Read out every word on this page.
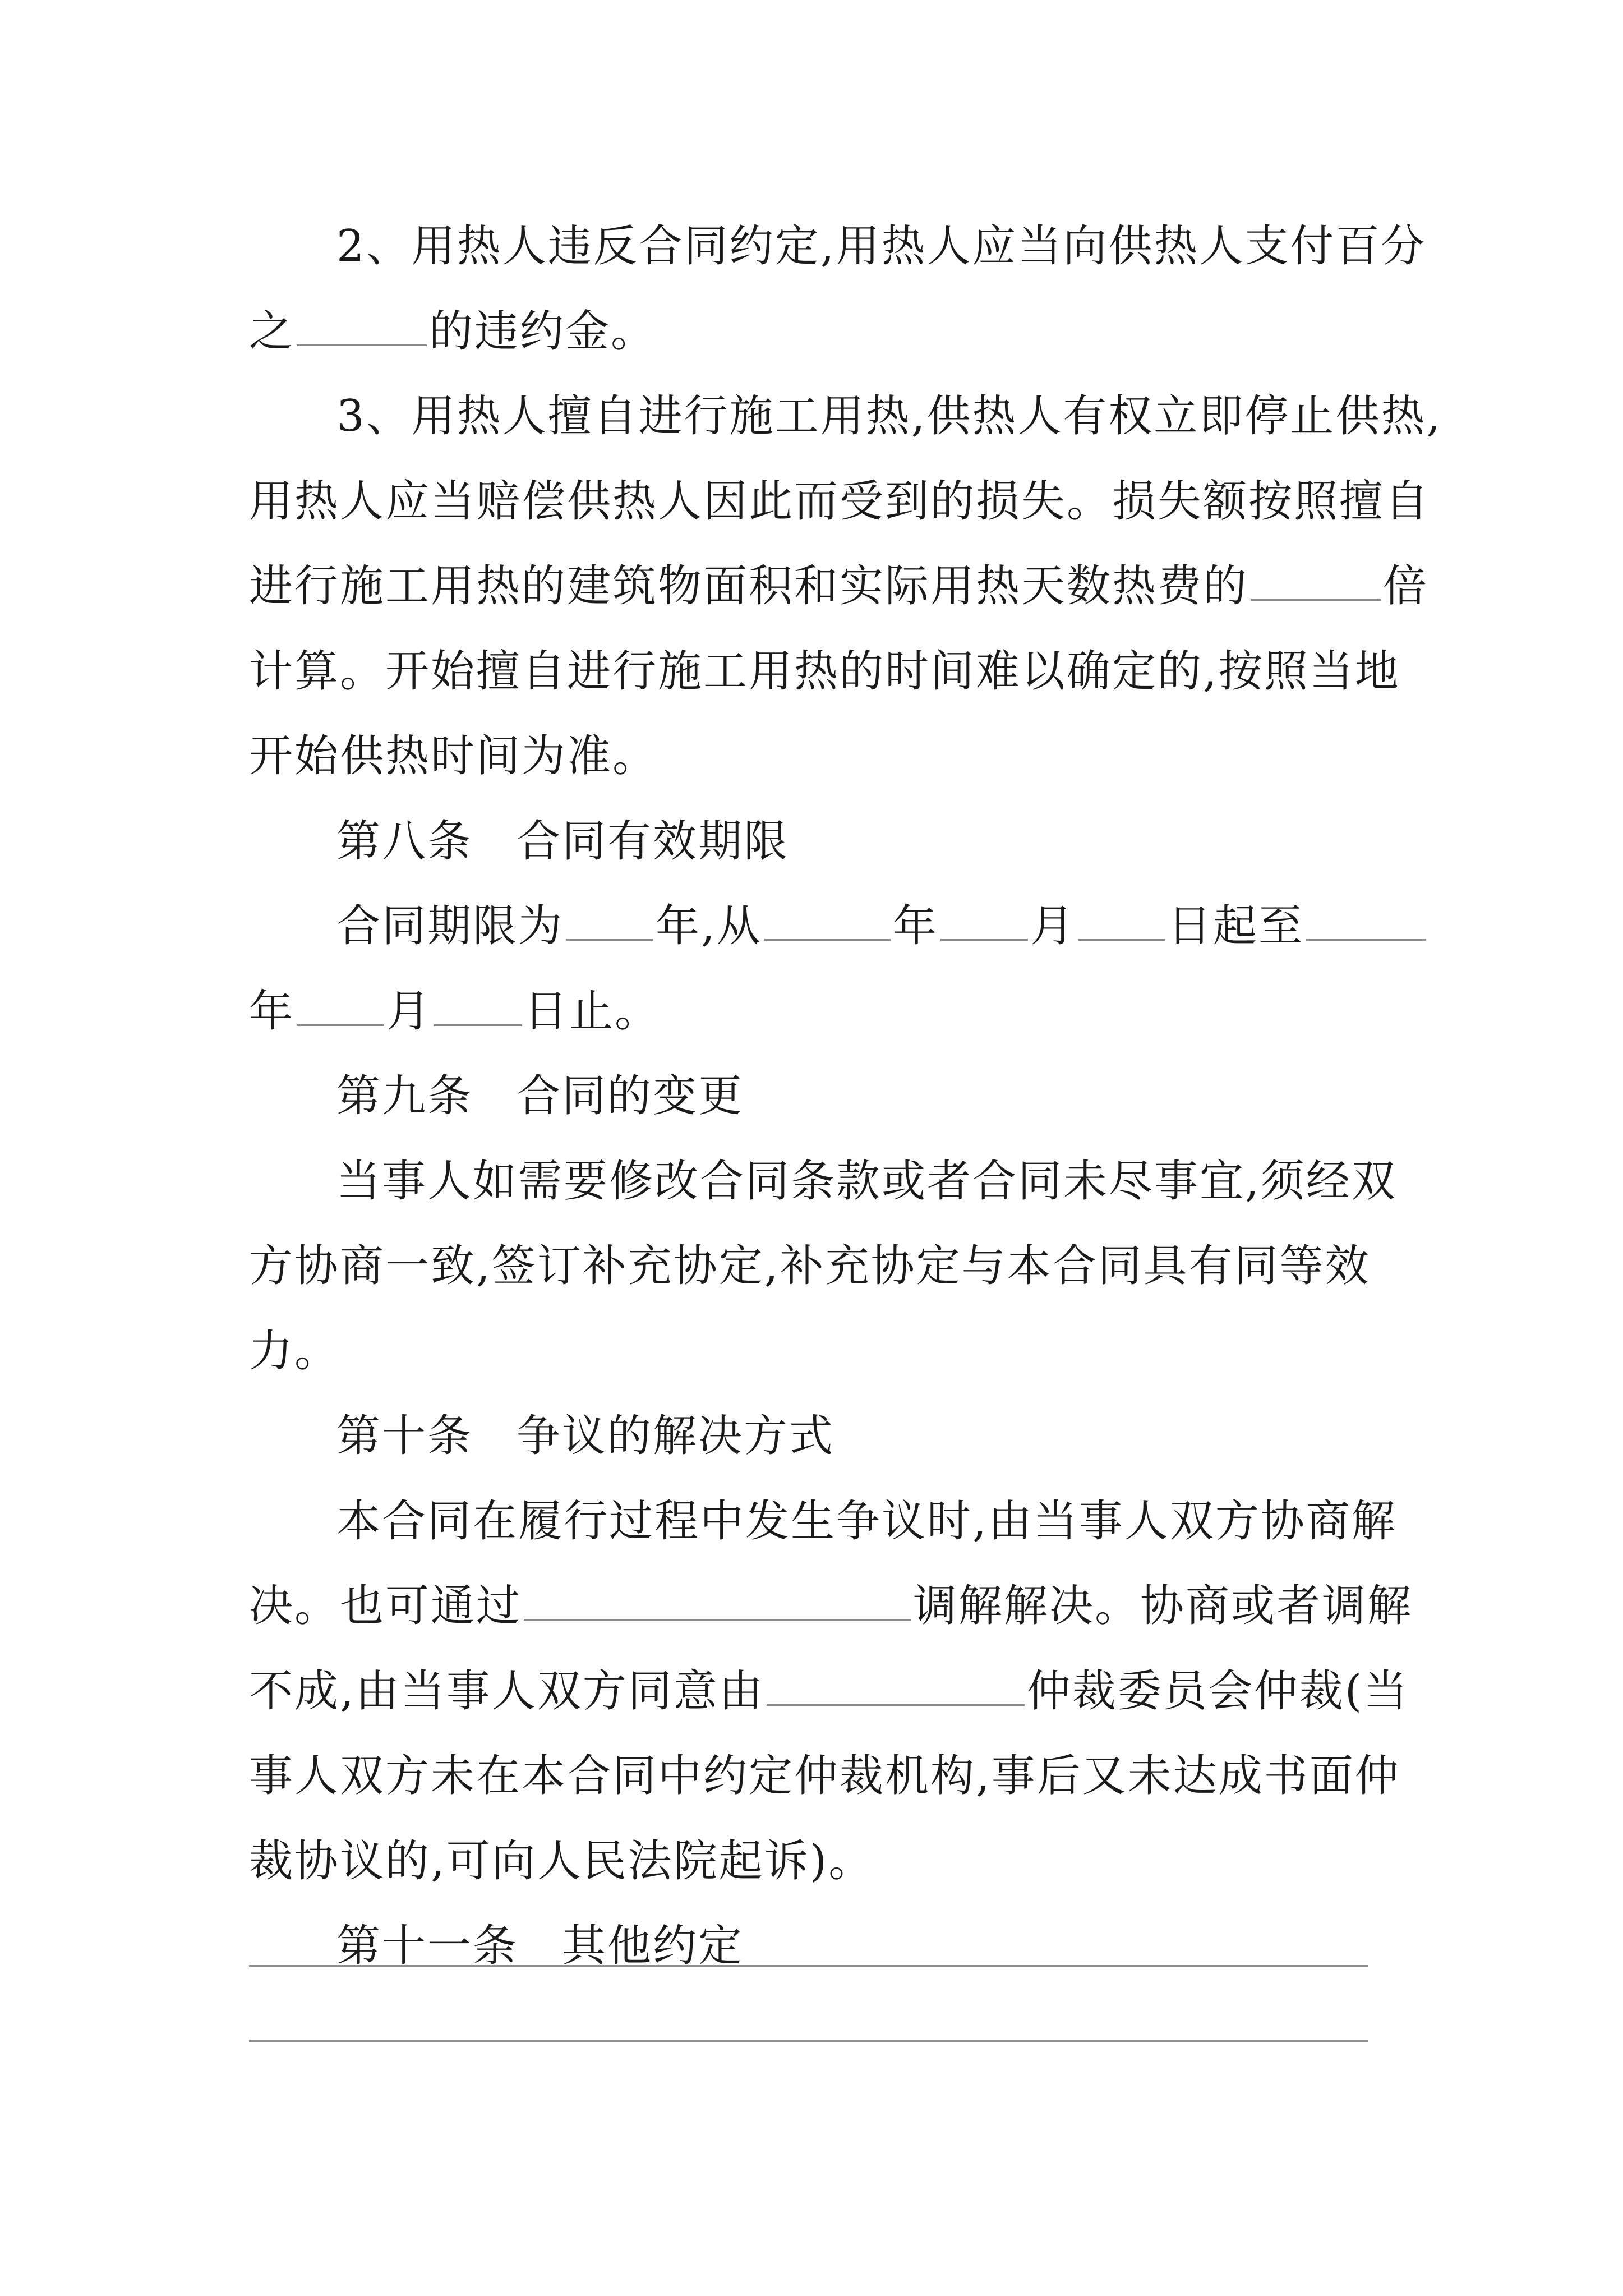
2、用热人违反合同约定,用热人应当向供热人支付百分
之	的违约金。
3、用热人擅自进行施工用热,供热人有权立即停止供热,
用热人应当赔偿供热人因此而受到的损失。损失额按照擅自
进行施工用热的建筑物面积和实际用热天数热费的	倍
计算。开始擅自进行施工用热的时间难以确定的,按照当地
开始供热时间为准。
第八条 合同有效期限
合同期限为 年,从	年 月 日起至
年 月 日止。
第九条 合同的变更
当事人如需要修改合同条款或者合同未尽事宜,须经双
方协商一致,签订补充协定,补充协定与本合同具有同等效
力。
第十条 争议的解决方式
本合同在履行过程中发生争议时,由当事人双方协商解
决。也可通过	调解解决。协商或者调解
不成,由当事人双方同意由	仲裁委员会仲裁(当
事人双方未在本合同中约定仲裁机构,事后又未达成书面仲
裁协议的,可向人民法院起诉)。
第十一条 其他约定
